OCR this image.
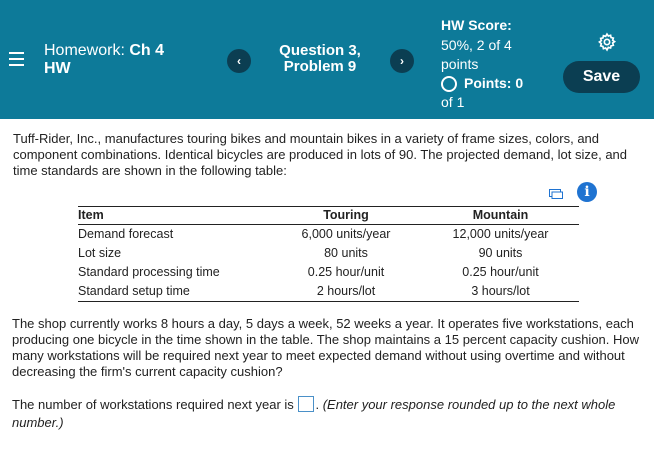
Homework: Ch 4
HW	‹
Question 3,
Problem 9	›
HW Score:
50%, 2 of 4
points
Points: 0
of 1
Save

Tuff-Rider, Inc., manufactures touring bikes and mountain bikes in a variety of frame sizes, colors, and component combinations. Identical bicycles are produced in lots of 90. The projected demand, lot size, and time standards are shown in the following table:

i
Item	Touring	Mountain
Demand forecast	6,000 units/year	12,000 units/year
Lot size	80 units	90 units
Standard processing time	0.25 hour/unit	0.25 hour/unit
Standard setup time	2 hours/lot	3 hours/lot

The shop currently works 8 hours a day, 5 days a week, 52 weeks a year. It operates five workstations, each producing one bicycle in the time shown in the table. The shop maintains a 15 percent capacity cushion. How many workstations will be required next year to meet expected demand without using overtime and without decreasing the firm's current capacity cushion?

The number of workstations required next year is . (Enter your response rounded up to the next whole number.)
